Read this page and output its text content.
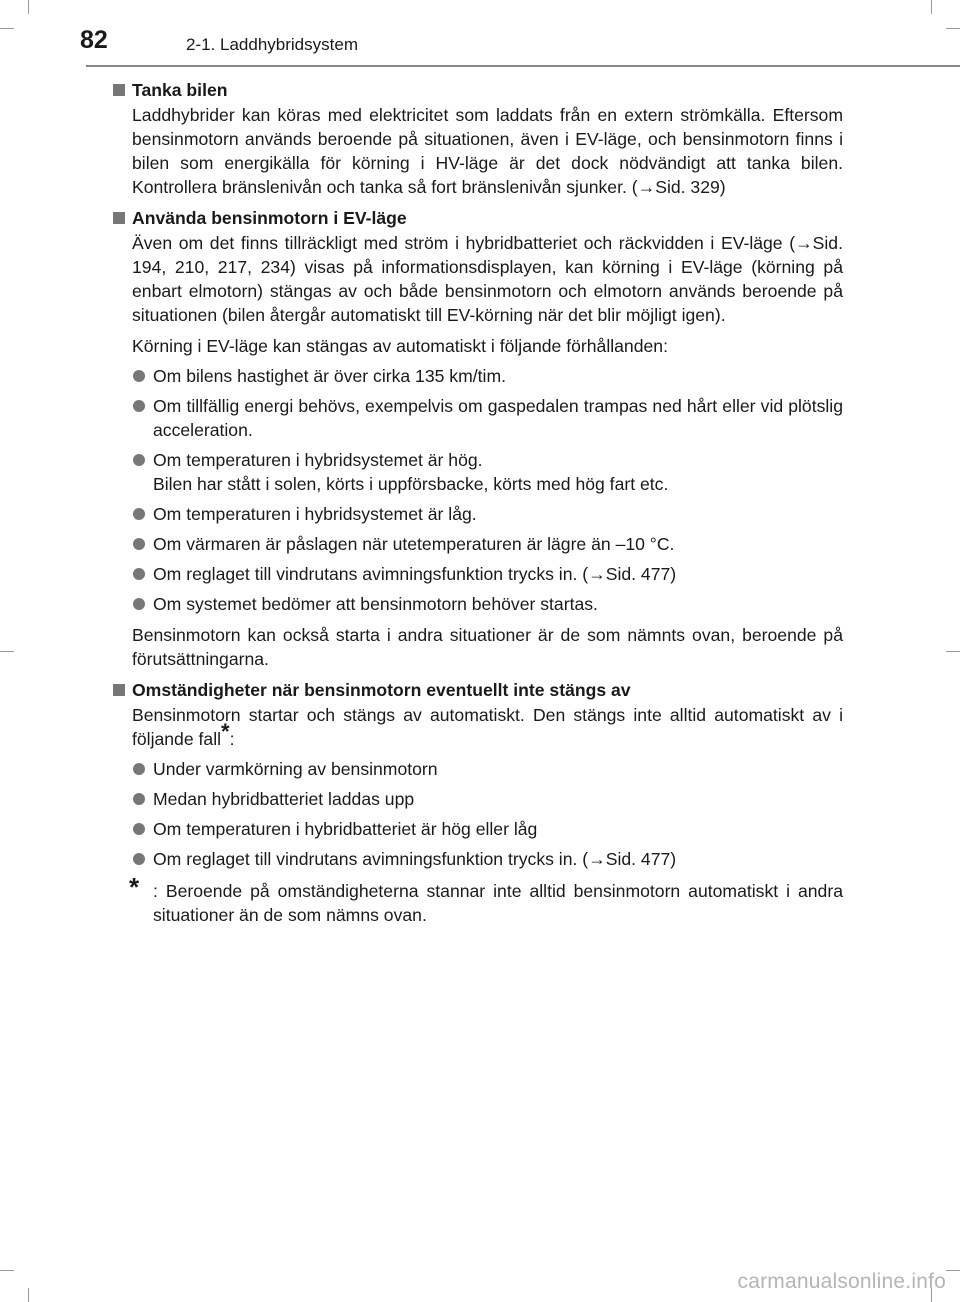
82	2-1. Laddhybridsystem
Tanka bilen
Laddhybrider kan köras med elektricitet som laddats från en extern strömkälla. Eftersom bensinmotorn används beroende på situationen, även i EV-läge, och bensinmotorn finns i bilen som energikälla för körning i HV-läge är det dock nödvändigt att tanka bilen. Kontrollera bränslenivån och tanka så fort bränslenivån sjunker. (→Sid. 329)
Använda bensinmotorn i EV-läge
Även om det finns tillräckligt med ström i hybridbatteriet och räckvidden i EV-läge (→Sid. 194, 210, 217, 234) visas på informationsdisplayen, kan körning i EV-läge (körning på enbart elmotorn) stängas av och både bensinmotorn och elmotorn används beroende på situationen (bilen återgår automatiskt till EV-körning när det blir möjligt igen).
Körning i EV-läge kan stängas av automatiskt i följande förhållanden:
Om bilens hastighet är över cirka 135 km/tim.
Om tillfällig energi behövs, exempelvis om gaspedalen trampas ned hårt eller vid plötslig acceleration.
Om temperaturen i hybridsystemet är hög.
Bilen har stått i solen, körts i uppförsbacke, körts med hög fart etc.
Om temperaturen i hybridsystemet är låg.
Om värmaren är påslagen när utetemperaturen är lägre än –10 °C.
Om reglaget till vindrutans avimningsfunktion trycks in. (→Sid. 477)
Om systemet bedömer att bensinmotorn behöver startas.
Bensinmotorn kan också starta i andra situationer är de som nämnts ovan, beroende på förutsättningarna.
Omständigheter när bensinmotorn eventuellt inte stängs av
Bensinmotorn startar och stängs av automatiskt. Den stängs inte alltid automatiskt av i följande fall*:
Under varmkörning av bensinmotorn
Medan hybridbatteriet laddas upp
Om temperaturen i hybridbatteriet är hög eller låg
Om reglaget till vindrutans avimningsfunktion trycks in. (→Sid. 477)
* : Beroende på omständigheterna stannar inte alltid bensinmotorn automatiskt i andra situationer än de som nämns ovan.
carmanualsonline.info
